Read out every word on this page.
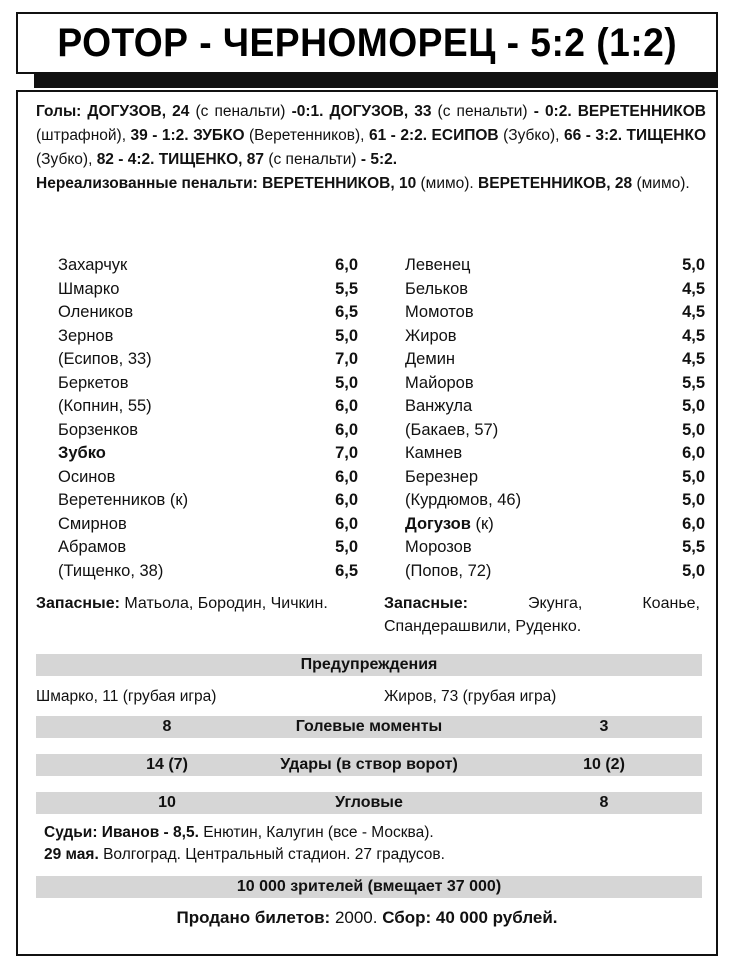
РОТОР - ЧЕРНОМОРЕЦ - 5:2 (1:2)
Голы: ДОГУЗОВ, 24 (с пенальти) -0:1. ДОГУЗОВ, 33 (с пенальти) - 0:2. ВЕРЕТЕННИКОВ (штрафной), 39 - 1:2. ЗУБКО (Веретенников), 61 - 2:2. ЕСИПОВ (Зубко), 66 - 3:2. ТИЩЕНКО (Зубко), 82 - 4:2. ТИЩЕНКО, 87 (с пенальти) - 5:2.
Нереализованные пенальти: ВЕРЕТЕННИКОВ, 10 (мимо). ВЕРЕТЕННИКОВ, 28 (мимо).
Захарчук	6,0
Шмарко	5,5
Олеников	6,5
Зернов	5,0
(Есипов, 33)	7,0
Беркетов	5,0
(Копнин, 55)	6,0
Борзенков	6,0
Зубко	7,0
Осинов	6,0
Веретенников (к)	6,0
Смирнов	6,0
Абрамов	5,0
(Тищенко, 38)	6,5
Левенец	5,0
Бельков	4,5
Момотов	4,5
Жиров	4,5
Демин	4,5
Майоров	5,5
Ванжула	5,0
(Бакаев, 57)	5,0
Камнев	6,0
Березнер	5,0
(Курдюмов, 46)	5,0
Догузов (к)	6,0
Морозов	5,5
(Попов, 72)	5,0
Запасные: Матьола, Бородин, Чичкин.	Запасные: Экунга, Коанье, Спандерашвили, Руденко.
Предупреждения
Шмарко, 11 (грубая игра)	Жиров, 73 (грубая игра)
8	Голевые моменты	3
14 (7)	Удары (в створ ворот)	10 (2)
10	Угловые	8
Судьи: Иванов - 8,5. Енютин, Калугин (все - Москва).
29 мая. Волгоград. Центральный стадион. 27 градусов.
10 000 зрителей (вмещает 37 000)
Продано билетов: 2000. Сбор: 40 000 рублей.
